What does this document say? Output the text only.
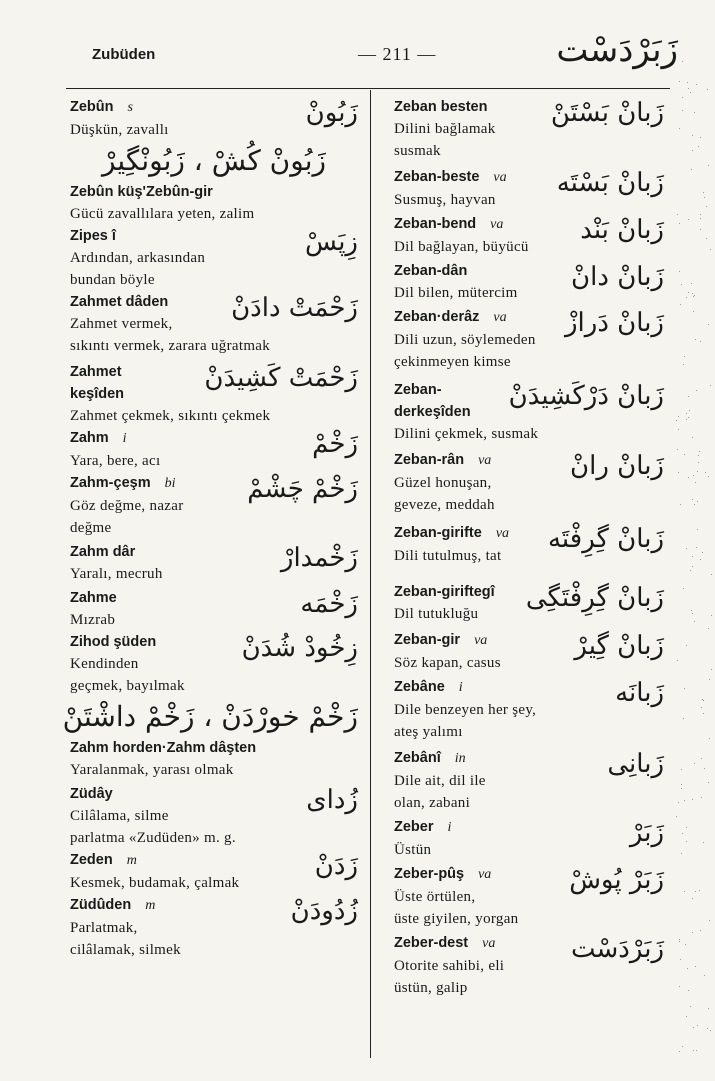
Zubüden	— 211 —	زَبَرْدَسْت
Zebûn s
Düşkün, zavallı
زَبُونْ
زَبُونْ كُشْ ، زَبُونْگِيرْ
Zebûn küş'Zebûn-gir
Gücü zavallılara yeten, zalim
Zipes î
Ardından, arkasından
bundan böyle
زِپَسْ
Zahmet dâden
Zahmet vermek,
sıkıntı vermek, zarara uğratmak
زَحْمَتْ دادَنْ
Zahmet
keşîden
Zahmet çekmek, sıkıntı çekmek
زَحْمَتْ كَشِيدَنْ
Zahm i
Yara, bere, acı
زَخْمْ
Zahm-çeşm bi
Göz değme, nazar
değme
زَخْمْ چَشْمْ
Zahm dâr
Yaralı, mecruh
زَخْمدارْ
Zahme
Mızrab
زَخْمَه
Zihod şüden
Kendinden
geçmek, bayılmak
زِخُودْ شُدَنْ
زَخْمْ خورْدَنْ ، زَخْمْ داشْتَنْ
Zahm horden·Zahm dâşten
Yaralanmak, yarası olmak
Züdây
Cilâlama, silme
parlatma «Zudüden» m. g.
زُداى
Zeden m
Kesmek, budamak, çalmak
زَدَنْ
Züdûden m
Parlatmak,
cilâlamak, silmek
زُدُودَنْ
Zeban besten
Dilini bağlamak
susmak
زَبانْ بَسْتَنْ
Zeban-beste va
Susmuş, hayvan
زَبانْ بَسْتَه
Zeban-bend va
Dil bağlayan, büyücü
زَبانْ بَنْد
Zeban-dân
Dil bilen, mütercim
زَبانْ دانْ
Zeban·derâz va
Dili uzun, söylemeden
çekinmeyen kimse
زَبانْ دَرازْ
Zeban-
derkeşîden
Dilini çekmek, susmak
زَبانْ دَرْكَشِيدَنْ
Zeban-rân va
Güzel honuşan,
geveze, meddah
زَبانْ رانْ
Zeban-girifte va
Dili tutulmuş, tat
زَبانْ گِرِفْتَه
Zeban-giriftegî
Dil tutukluğu
زَبانْ گِرِفْتَگِى
Zeban-gir va
Söz kapan, casus
زَبانْ گِيرْ
Zebâne i
Dile benzeyen her şey,
ateş yalımı
زَبانَه
Zebânî in
Dile ait, dil ile
olan, zabani
زَبانِى
Zeber i
Üstün
زَبَرْ
Zeber-pûş va
Üste örtülen,
üste giyilen, yorgan
زَبَرْ پُوشْ
Zeber-dest va
Otorite sahibi, eli
üstün, galip
زَبَرْدَسْت
